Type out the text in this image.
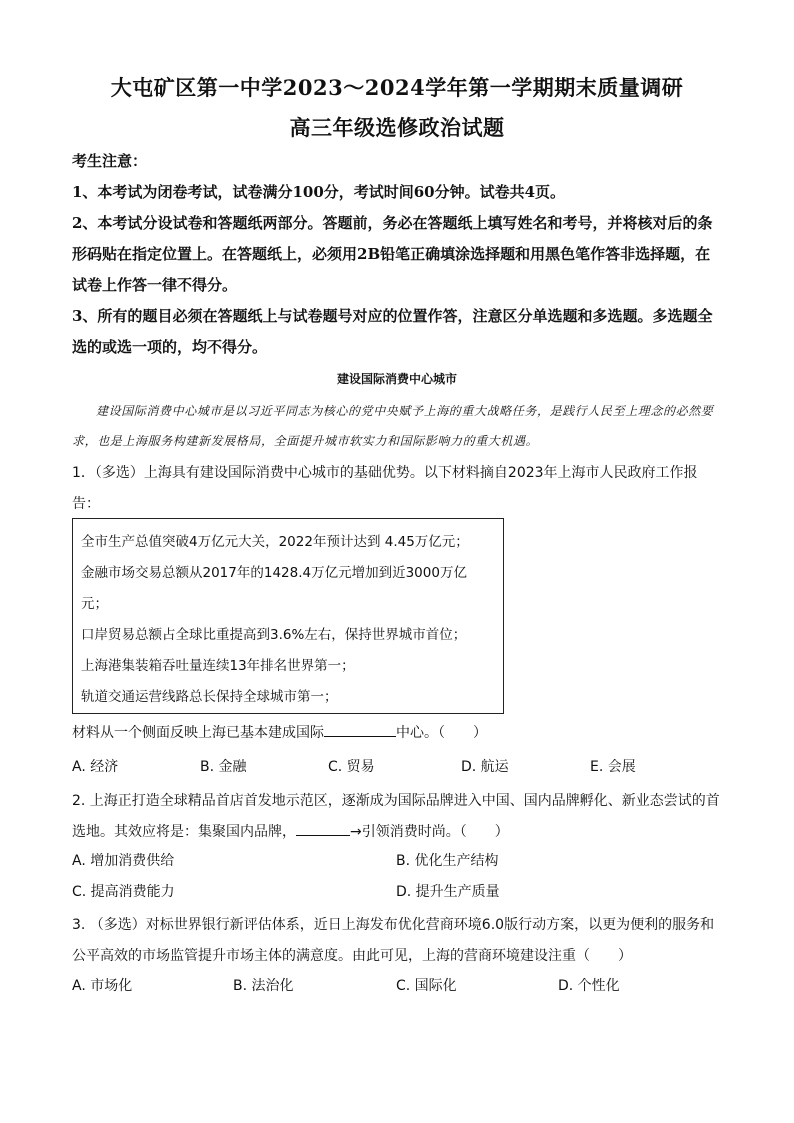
大屯矿区第一中学2023～2024学年第一学期期末质量调研
高三年级选修政治试题
考生注意：
1、本考试为闭卷考试，试卷满分100分，考试时间60分钟。试卷共4页。
2、本考试分设试卷和答题纸两部分。答题前，务必在答题纸上填写姓名和考号，并将核对后的条形码贴在指定位置上。在答题纸上，必须用2B铅笔正确填涂选择题和用黑色笔作答非选择题，在试卷上作答一律不得分。
3、所有的题目必须在答题纸上与试卷题号对应的位置作答，注意区分单选题和多选题。多选题全选的或选一项的，均不得分。
建设国际消费中心城市
建设国际消费中心城市是以习近平同志为核心的党中央赋予上海的重大战略任务，是践行人民至上理念的必然要求，也是上海服务构建新发展格局，全面提升城市软实力和国际影响力的重大机遇。
1．（多选）上海具有建设国际消费中心城市的基础优势。以下材料摘自2023年上海市人民政府工作报告：
全市生产总值突破4万亿元大关，2022年预计达到 4.45万亿元；
金融市场交易总额从2017年的1428.4万亿元增加到近3000万亿
元；
口岸贸易总额占全球比重提高到3.6%左右，保持世界城市首位；
上海港集装箱吞吐量连续13年排名世界第一；
轨道交通运营线路总长保持全球城市第一；
材料从一个侧面反映上海已基本建成国际	中心。（　　）
A. 经济	B. 金融	C. 贸易	D. 航运	E. 会展
2. 上海正打造全球精品首店首发地示范区，逐渐成为国际品牌进入中国、国内品牌孵化、新业态尝试的首
选地。其效应将是：集聚国内品牌，	→引领消费时尚。（　　）
A. 增加消费供给	B. 优化生产结构
C. 提高消费能力	D. 提升生产质量
3. （多选）对标世界银行新评估体系，近日上海发布优化营商环境6.0版行动方案，以更为便利的服务和公平高效的市场监管提升市场主体的满意度。由此可见，上海的营商环境建设注重（　　）
A. 市场化	B. 法治化	C. 国际化	D. 个性化
